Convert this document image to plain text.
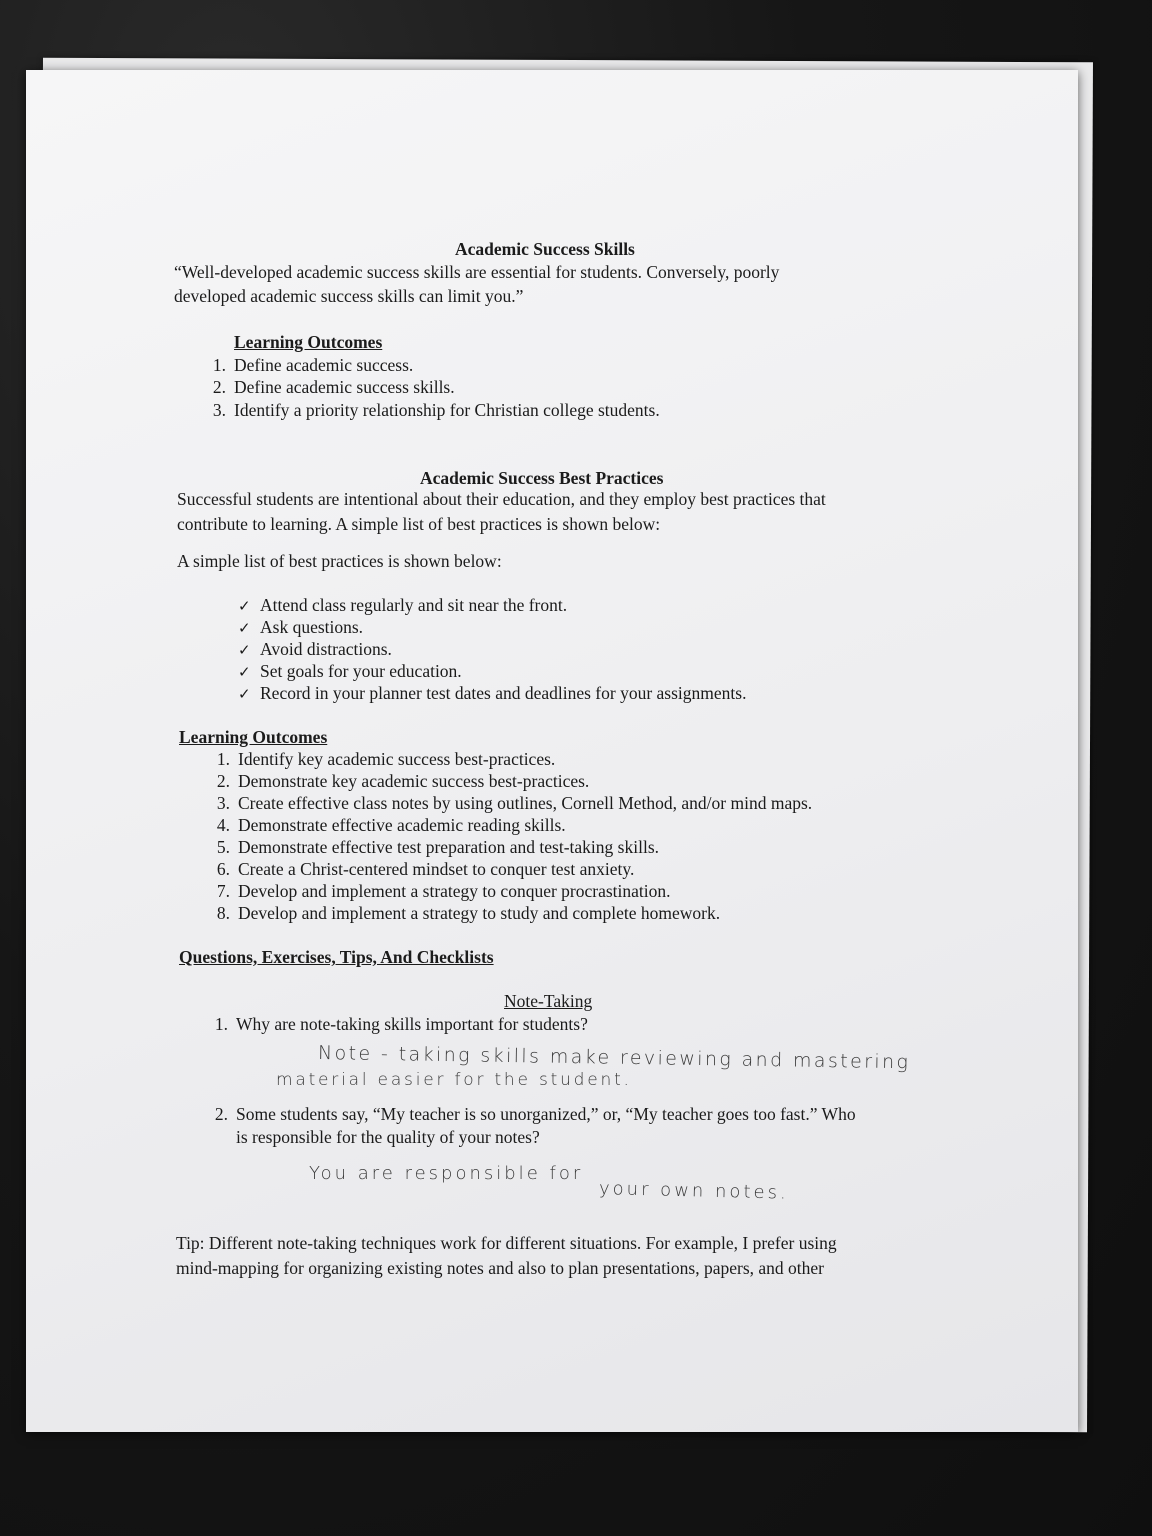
Academic Success Skills
“Well-developed academic success skills are essential for students. Conversely, poorly
developed academic success skills can limit you.”
Learning Outcomes
1. Define academic success.
2. Define academic success skills.
3. Identify a priority relationship for Christian college students.
Academic Success Best Practices
Successful students are intentional about their education, and they employ best practices that
contribute to learning. A simple list of best practices is shown below:
A simple list of best practices is shown below:
✓ Attend class regularly and sit near the front.
✓ Ask questions.
✓ Avoid distractions.
✓ Set goals for your education.
✓ Record in your planner test dates and deadlines for your assignments.
Learning Outcomes
1. Identify key academic success best-practices.
2. Demonstrate key academic success best-practices.
3. Create effective class notes by using outlines, Cornell Method, and/or mind maps.
4. Demonstrate effective academic reading skills.
5. Demonstrate effective test preparation and test-taking skills.
6. Create a Christ-centered mindset to conquer test anxiety.
7. Develop and implement a strategy to conquer procrastination.
8. Develop and implement a strategy to study and complete homework.
Questions, Exercises, Tips, And Checklists
Note-Taking
1. Why are note-taking skills important for students?
Note - taking skills make reviewing and mastering
material easier for the student.
2. Some students say, “My teacher is so unorganized,” or, “My teacher goes too fast.” Who
is responsible for the quality of your notes?
You are responsible for
your own notes.
Tip: Different note-taking techniques work for different situations. For example, I prefer using
mind-mapping for organizing existing notes and also to plan presentations, papers, and other
